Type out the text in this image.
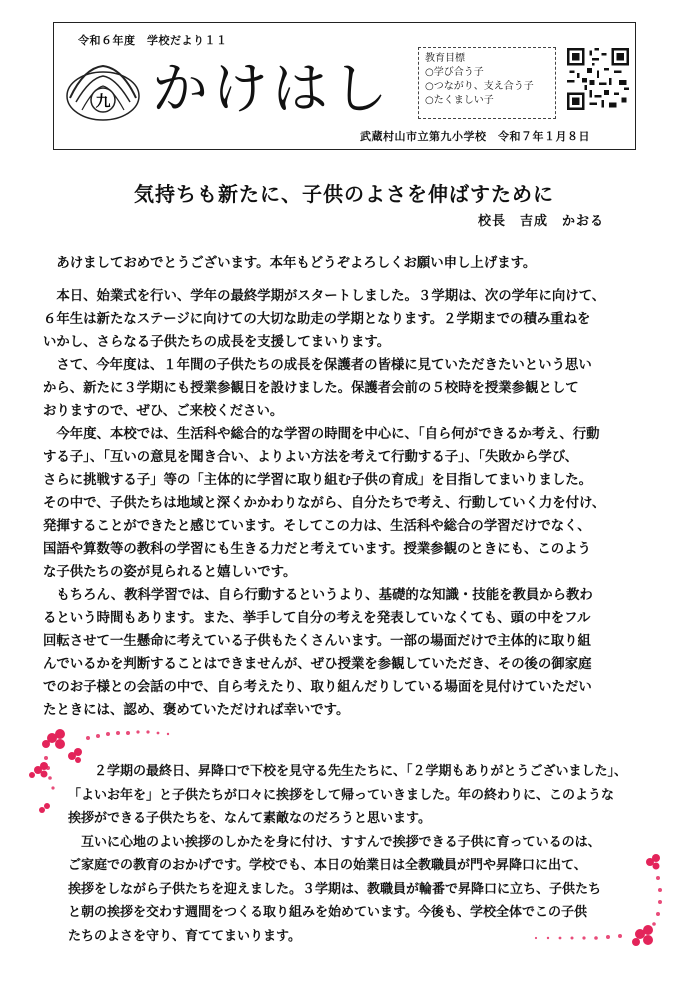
令和６年度　学校だより１１
九 かけはし	教育目標
○学び合う子
○つながり、支え合う子
○たくましい子
武蔵村山市立第九小学校　令和７年１月８日
気持ちも新たに、子供のよさを伸ばすために
校長　吉成　かおる

　あけましておめでとうございます。本年もどうぞよろしくお願い申し上げます。

　本日、始業式を行い、学年の最終学期がスタートしました。３学期は、次の学年に向けて、

６年生は新たなステージに向けての大切な助走の学期となります。２学期までの積み重ねを

いかし、さらなる子供たちの成長を支援してまいります。

　さて、今年度は、１年間の子供たちの成長を保護者の皆様に見ていただきたいという思い

から、新たに３学期にも授業参観日を設けました。保護者会前の５校時を授業参観として

おりますので、ぜひ、ご来校ください。

　今年度、本校では、生活科や総合的な学習の時間を中心に、「自ら何ができるか考え、行動

する子」、「互いの意見を聞き合い、よりよい方法を考えて行動する子」、「失敗から学び、

さらに挑戦する子」等の「主体的に学習に取り組む子供の育成」を目指してまいりました。

その中で、子供たちは地域と深くかかわりながら、自分たちで考え、行動していく力を付け、

発揮することができたと感じています。そしてこの力は、生活科や総合の学習だけでなく、

国語や算数等の教科の学習にも生きる力だと考えています。授業参観のときにも、このよう

な子供たちの姿が見られると嬉しいです。

　もちろん、教科学習では、自ら行動するというより、基礎的な知識・技能を教員から教わ

るという時間もあります。また、挙手して自分の考えを発表していなくても、頭の中をフル

回転させて一生懸命に考えている子供もたくさんいます。一部の場面だけで主体的に取り組

んでいるかを判断することはできませんが、ぜひ授業を参観していただき、その後の御家庭

でのお子様との会話の中で、自ら考えたり、取り組んだりしている場面を見付けていただい

たときには、認め、褒めていただければ幸いです。

　　２学期の最終日、昇降口で下校を見守る先生たちに、「２学期もありがとうございました」、

「よいお年を」と子供たちが口々に挨拶をして帰っていきました。年の終わりに、このような

挨拶ができる子供たちを、なんて素敵なのだろうと思います。

　互いに心地のよい挨拶のしかたを身に付け、すすんで挨拶できる子供に育っているのは、

ご家庭での教育のおかげです。学校でも、本日の始業日は全教職員が門や昇降口に出て、

挨拶をしながら子供たちを迎えました。３学期は、教職員が輪番で昇降口に立ち、子供たち

と朝の挨拶を交わす週間をつくる取り組みを始めています。今後も、学校全体でこの子供

たちのよさを守り、育ててまいります。
